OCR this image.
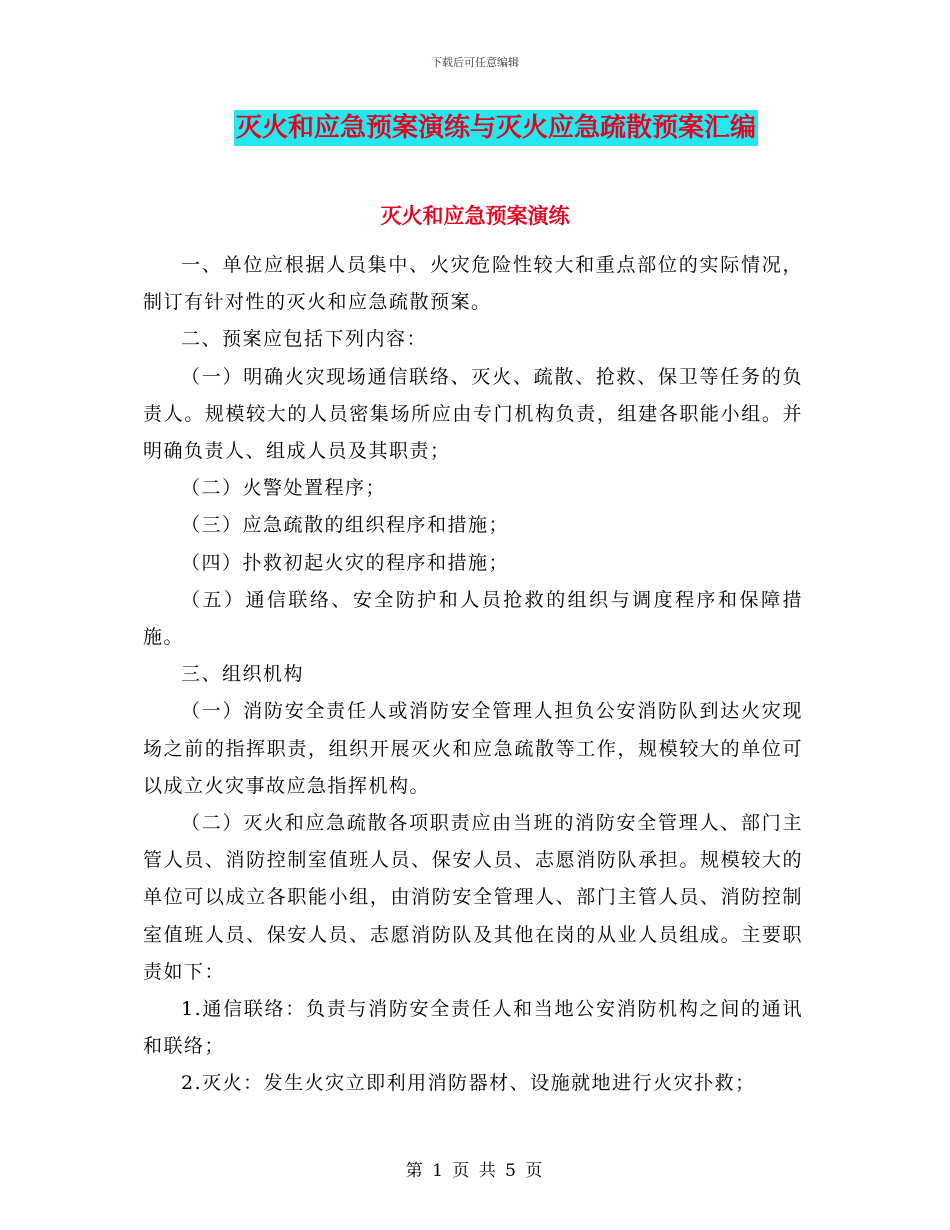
下载后可任意编辑
灭火和应急预案演练与灭火应急疏散预案汇编
灭火和应急预案演练

一、单位应根据人员集中、火灾危险性较大和重点部位的实际情况，制订有针对性的灭火和应急疏散预案。

二、预案应包括下列内容：

（一）明确火灾现场通信联络、灭火、疏散、抢救、保卫等任务的负责人。规模较大的人员密集场所应由专门机构负责，组建各职能小组。并明确负责人、组成人员及其职责；

（二）火警处置程序；

（三）应急疏散的组织程序和措施；

（四）扑救初起火灾的程序和措施；

（五）通信联络、安全防护和人员抢救的组织与调度程序和保障措施。

三、组织机构

（一）消防安全责任人或消防安全管理人担负公安消防队到达火灾现场之前的指挥职责，组织开展灭火和应急疏散等工作，规模较大的单位可以成立火灾事故应急指挥机构。

（二）灭火和应急疏散各项职责应由当班的消防安全管理人、部门主管人员、消防控制室值班人员、保安人员、志愿消防队承担。规模较大的单位可以成立各职能小组，由消防安全管理人、部门主管人员、消防控制室值班人员、保安人员、志愿消防队及其他在岗的从业人员组成。主要职责如下：

1.通信联络：负责与消防安全责任人和当地公安消防机构之间的通讯和联络；

2.灭火：发生火灾立即利用消防器材、设施就地进行火灾扑救；

第 1 页 共 5 页
